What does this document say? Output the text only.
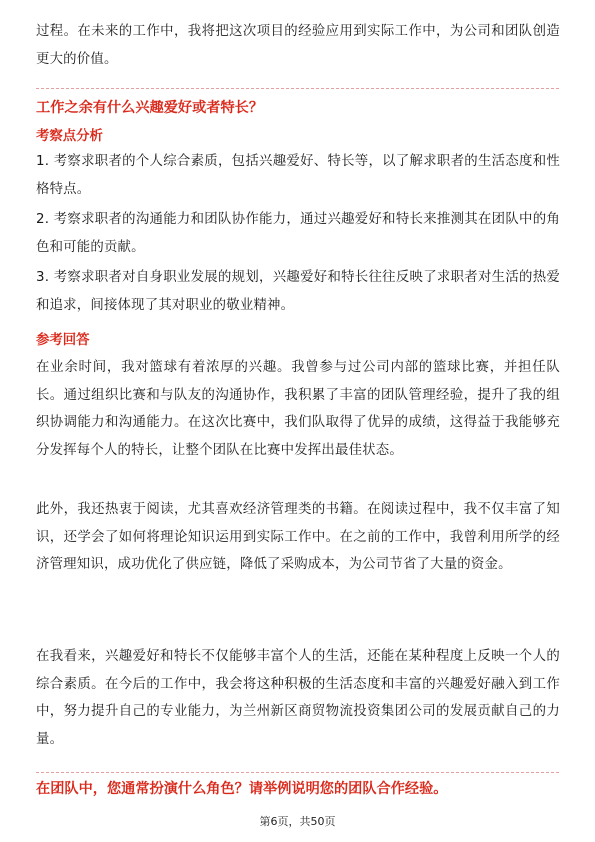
过程。在未来的工作中，我将把这次项目的经验应用到实际工作中，为公司和团队创造更大的价值。

工作之余有什么兴趣爱好或者特长？
考察点分析

1. 考察求职者的个人综合素质，包括兴趣爱好、特长等，以了解求职者的生活态度和性格特点。

2. 考察求职者的沟通能力和团队协作能力，通过兴趣爱好和特长来推测其在团队中的角色和可能的贡献。

3. 考察求职者对自身职业发展的规划，兴趣爱好和特长往往反映了求职者对生活的热爱和追求，间接体现了其对职业的敬业精神。

参考回答

在业余时间，我对篮球有着浓厚的兴趣。我曾参与过公司内部的篮球比赛，并担任队长。通过组织比赛和与队友的沟通协作，我积累了丰富的团队管理经验，提升了我的组织协调能力和沟通能力。在这次比赛中，我们队取得了优异的成绩，这得益于我能够充分发挥每个人的特长，让整个团队在比赛中发挥出最佳状态。

此外，我还热衷于阅读，尤其喜欢经济管理类的书籍。在阅读过程中，我不仅丰富了知识，还学会了如何将理论知识运用到实际工作中。在之前的工作中，我曾利用所学的经济管理知识，成功优化了供应链，降低了采购成本，为公司节省了大量的资金。

在我看来，兴趣爱好和特长不仅能够丰富个人的生活，还能在某种程度上反映一个人的综合素质。在今后的工作中，我会将这种积极的生活态度和丰富的兴趣爱好融入到工作中，努力提升自己的专业能力，为兰州新区商贸物流投资集团公司的发展贡献自己的力量。

在团队中，您通常扮演什么角色？请举例说明您的团队合作经验。
第6页，共50页
